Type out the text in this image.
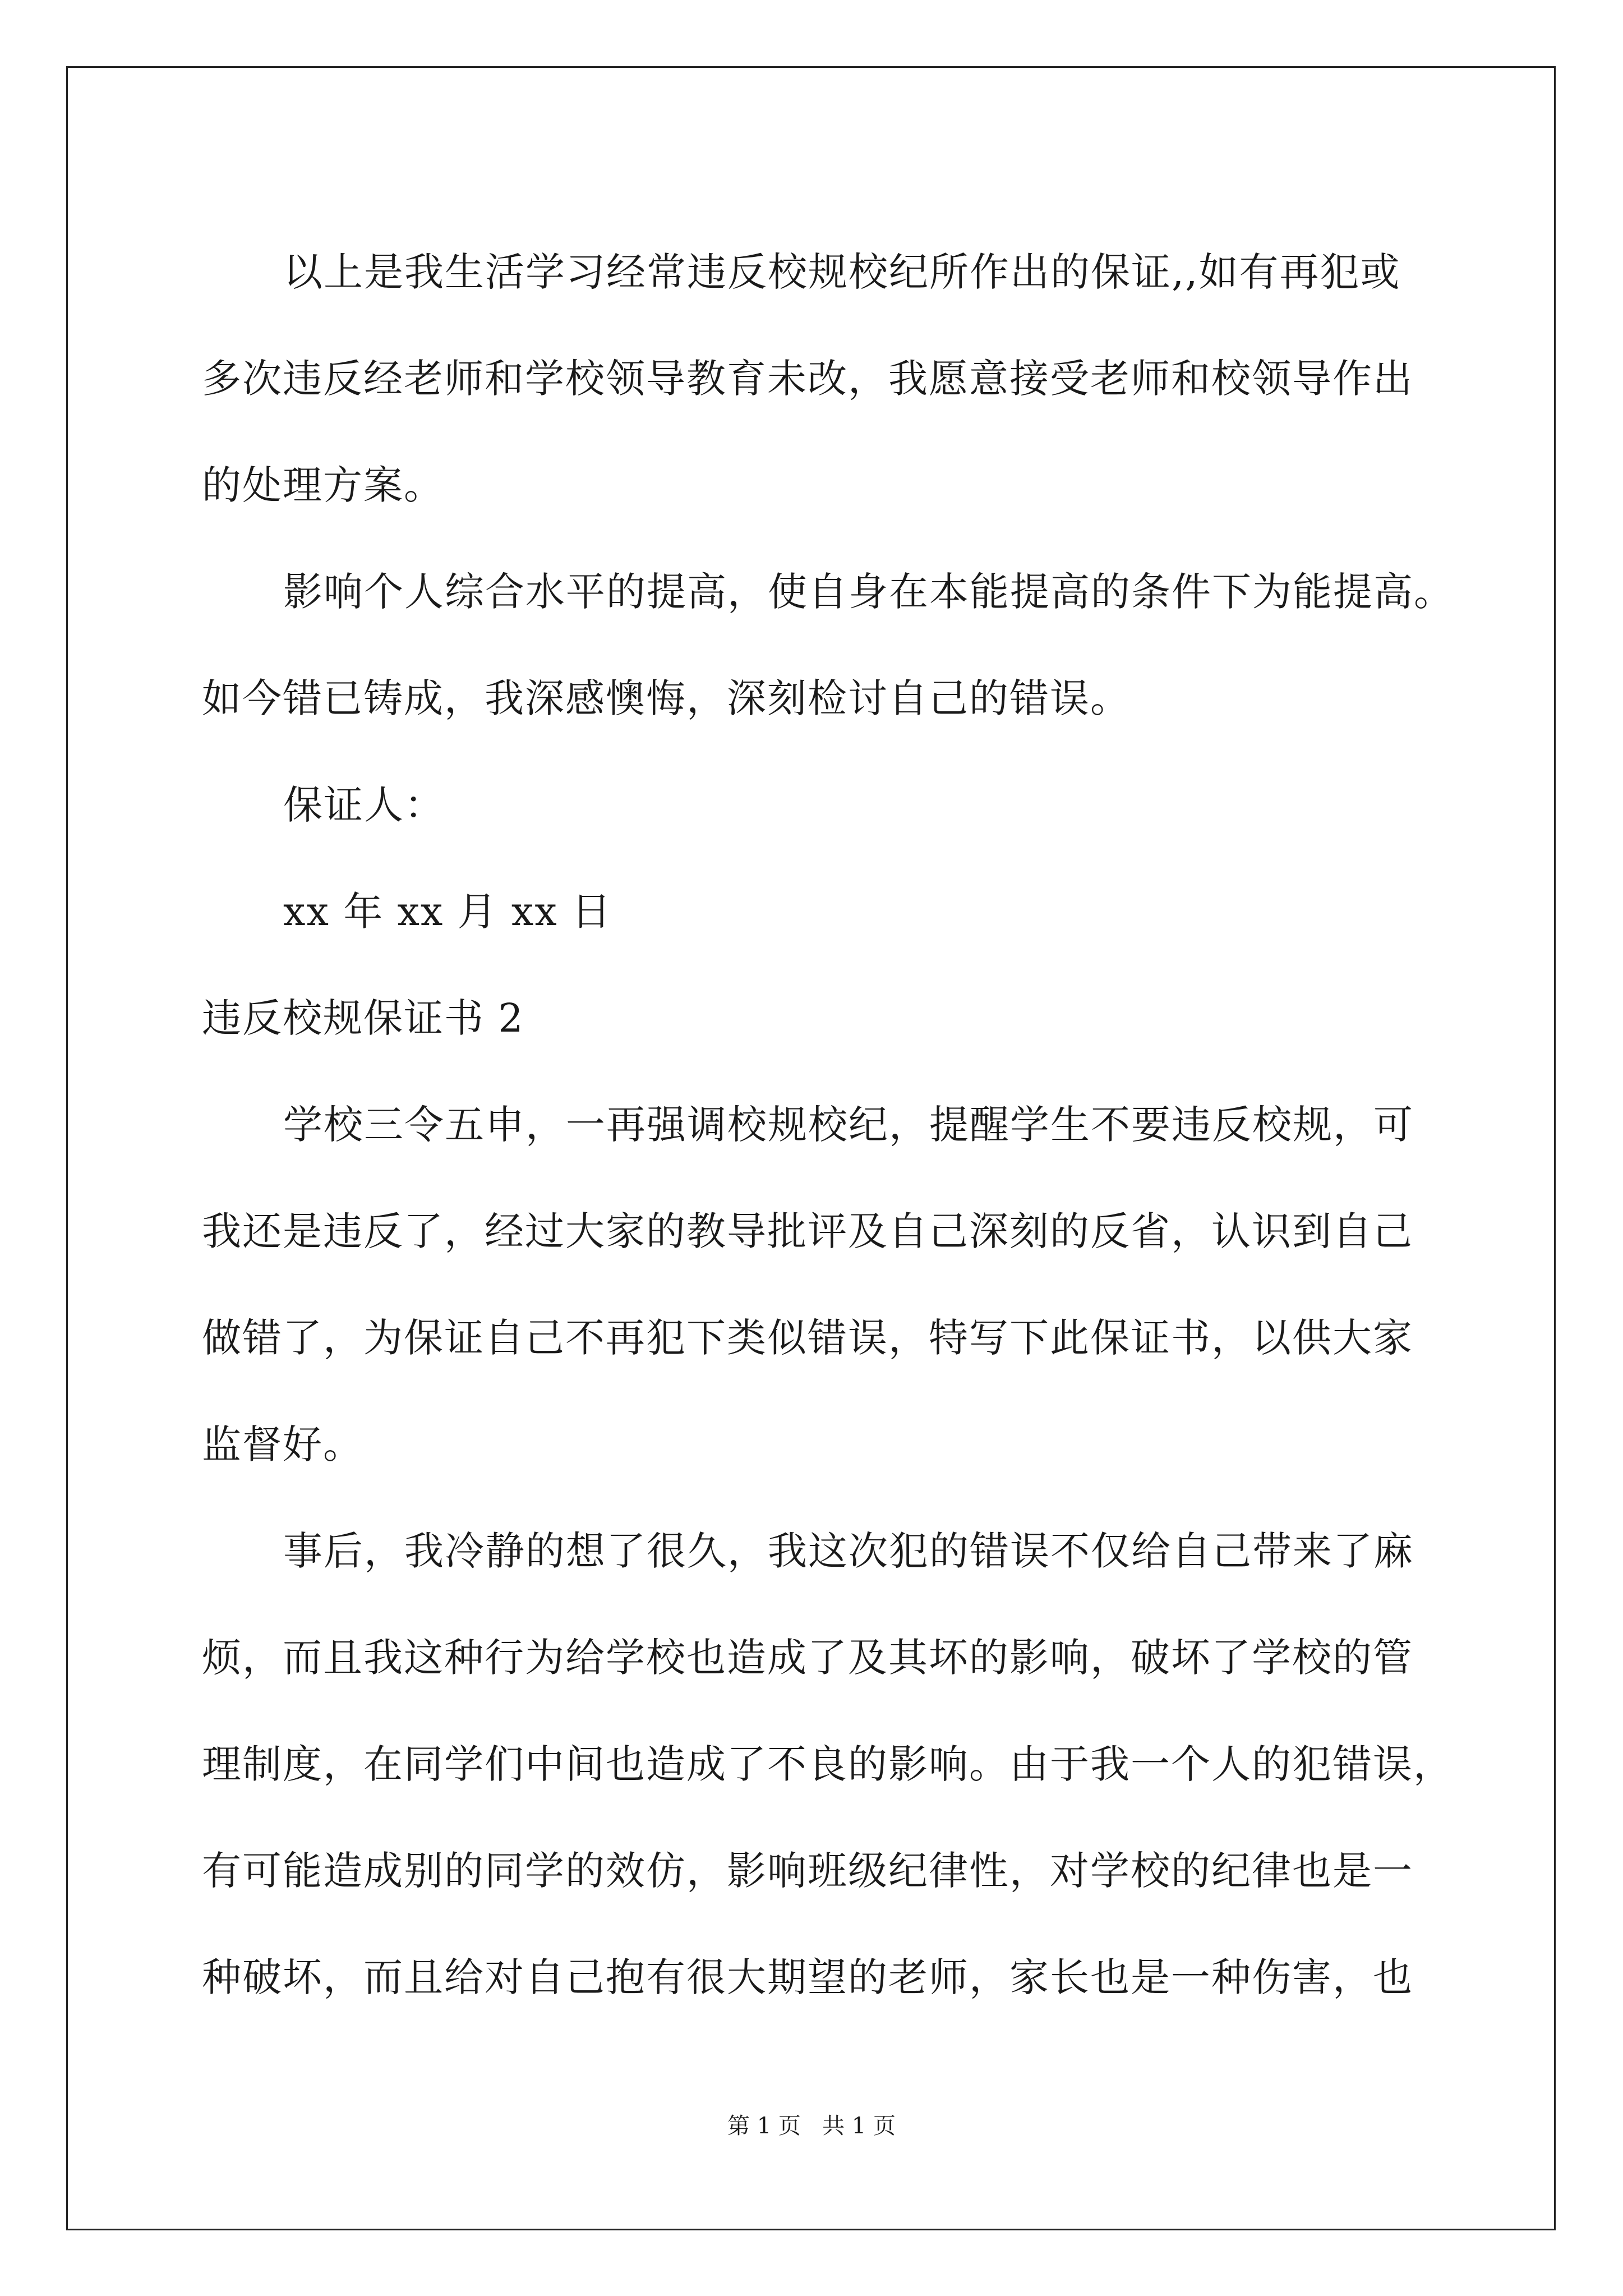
以上是我生活学习经常违反校规校纪所作出的保证,,如有再犯或
多次违反经老师和学校领导教育未改，我愿意接受老师和校领导作出
的处理方案。

影响个人综合水平的提高，使自身在本能提高的条件下为能提高。
如今错已铸成，我深感懊悔，深刻检讨自己的错误。

保证人：

xx 年 xx 月 xx 日

违反校规保证书 2

学校三令五申，一再强调校规校纪，提醒学生不要违反校规，可
我还是违反了，经过大家的教导批评及自己深刻的反省，认识到自己
做错了，为保证自己不再犯下类似错误，特写下此保证书，以供大家
监督好。

事后，我冷静的想了很久，我这次犯的错误不仅给自己带来了麻
烦，而且我这种行为给学校也造成了及其坏的影响，破坏了学校的管
理制度，在同学们中间也造成了不良的影响。由于我一个人的犯错误，
有可能造成别的同学的效仿，影响班级纪律性，对学校的纪律也是一
种破坏，而且给对自己抱有很大期望的老师，家长也是一种伤害，也

第 1 页   共 1 页
